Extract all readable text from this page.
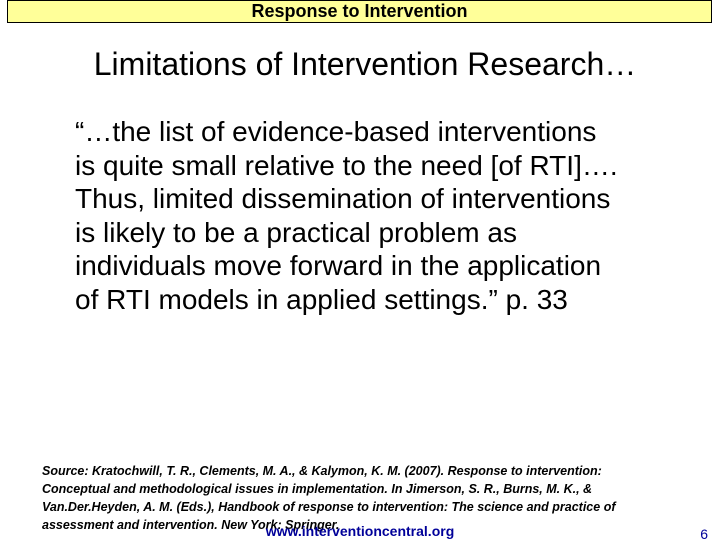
Response to Intervention
Limitations of Intervention Research…
“…the list of evidence-based interventions
is quite small relative to the need [of RTI]….
Thus, limited dissemination of interventions
is likely to be a practical problem as
individuals move forward in the application
of RTI models in applied settings.” p. 33
Source: Kratochwill, T. R., Clements, M. A., & Kalymon, K. M. (2007). Response to intervention:
Conceptual and methodological issues in implementation. In Jimerson, S. R., Burns, M. K., &
Van.Der.Heyden, A. M. (Eds.), Handbook of response to intervention: The science and practice of
assessment and intervention. New York: Springer.
www.interventioncentral.org	6
